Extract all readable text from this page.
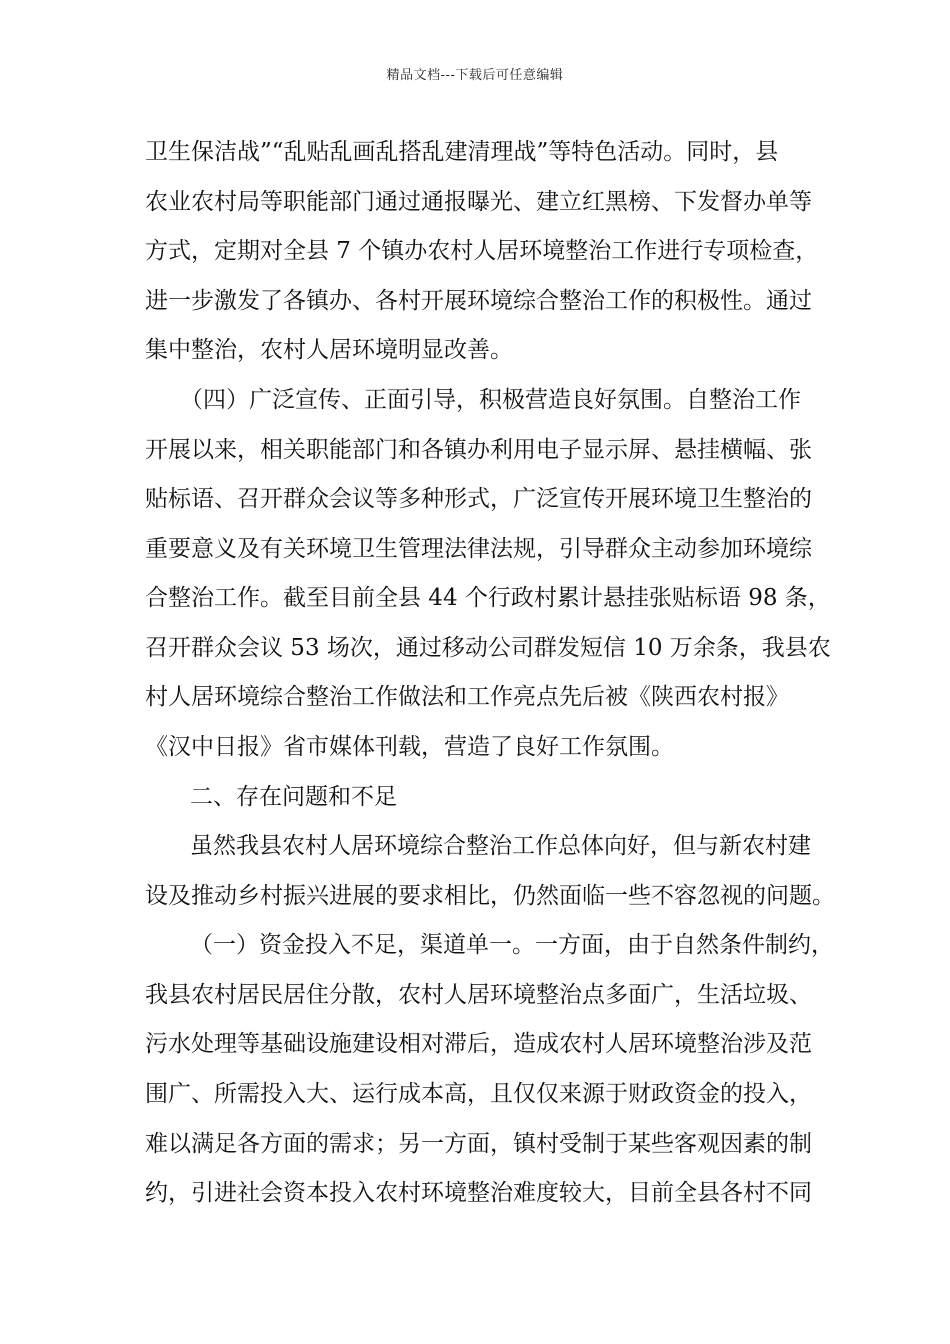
精品文档---下载后可任意编辑
卫生保洁战”“乱贴乱画乱搭乱建清理战”等特色活动。同时，县
农业农村局等职能部门通过通报曝光、建立红黑榜、下发督办单等
方式，定期对全县 7 个镇办农村人居环境整治工作进行专项检查，
进一步激发了各镇办、各村开展环境综合整治工作的积极性。通过
集中整治，农村人居环境明显改善。
（四）广泛宣传、正面引导，积极营造良好氛围。自整治工作
开展以来，相关职能部门和各镇办利用电子显示屏、悬挂横幅、张
贴标语、召开群众会议等多种形式，广泛宣传开展环境卫生整治的
重要意义及有关环境卫生管理法律法规，引导群众主动参加环境综
合整治工作。截至目前全县 44 个行政村累计悬挂张贴标语 98 条，
召开群众会议 53 场次，通过移动公司群发短信 10 万余条，我县农
村人居环境综合整治工作做法和工作亮点先后被《陕西农村报》
《汉中日报》省市媒体刊载，营造了良好工作氛围。
二、存在问题和不足
虽然我县农村人居环境综合整治工作总体向好，但与新农村建
设及推动乡村振兴进展的要求相比，仍然面临一些不容忽视的问题。
（一）资金投入不足，渠道单一。一方面，由于自然条件制约，
我县农村居民居住分散，农村人居环境整治点多面广，生活垃圾、
污水处理等基础设施建设相对滞后，造成农村人居环境整治涉及范
围广、所需投入大、运行成本高，且仅仅来源于财政资金的投入，
难以满足各方面的需求；另一方面，镇村受制于某些客观因素的制
约，引进社会资本投入农村环境整治难度较大，目前全县各村不同
